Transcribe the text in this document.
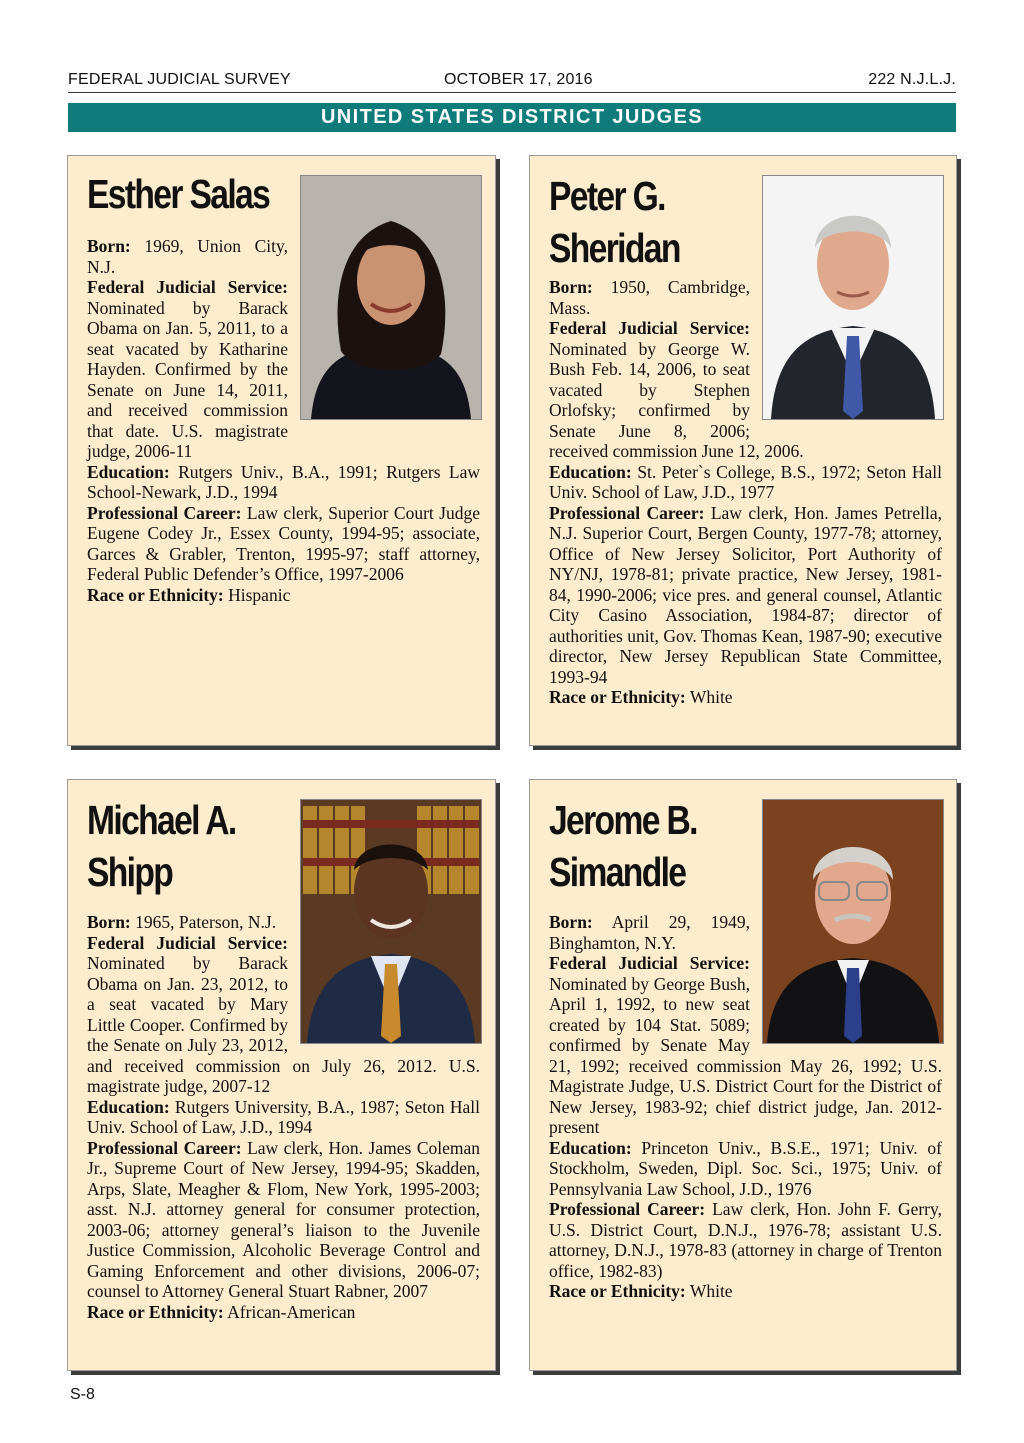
FEDERAL JUDICIAL SURVEY	OCTOBER 17, 2016	222 N.J.L.J.
UNITED STATES DISTRICT JUDGES
Esther Salas
Born: 1969, Union City, N.J.
Federal Judicial Service: Nominated by Barack Obama on Jan. 5, 2011, to a seat vacated by Katharine Hayden. Confirmed by the Senate on June 14, 2011, and received commission that date. U.S. magistrate judge, 2006-11
Education: Rutgers Univ., B.A., 1991; Rutgers Law School-Newark, J.D., 1994
Professional Career: Law clerk, Superior Court Judge Eugene Codey Jr., Essex County, 1994-95; associate, Garces & Grabler, Trenton, 1995-97; staff attorney, Federal Public Defender’s Office, 1997-2006
Race or Ethnicity: Hispanic
Peter G.
Sheridan
Born: 1950, Cambridge, Mass.
Federal Judicial Service: Nominated by George W. Bush Feb. 14, 2006, to seat vacated by Stephen Orlofsky; confirmed by Senate June 8, 2006; received commission June 12, 2006.
Education: St. Peter`s College, B.S., 1972; Seton Hall Univ. School of Law, J.D., 1977
Professional Career: Law clerk, Hon. James Petrella, N.J. Superior Court, Bergen County, 1977-78; attorney, Office of New Jersey Solicitor, Port Authority of NY/NJ, 1978-81; private practice, New Jersey, 1981-84, 1990-2006; vice pres. and general counsel, Atlantic City Casino Association, 1984-87; director of authorities unit, Gov. Thomas Kean, 1987-90; executive director, New Jersey Republican State Committee, 1993-94
Race or Ethnicity: White
Michael A.
Shipp
Born: 1965, Paterson, N.J.
Federal Judicial Service: Nominated by Barack Obama on Jan. 23, 2012, to a seat vacated by Mary Little Cooper. Confirmed by the Senate on July 23, 2012, and received commission on July 26, 2012. U.S. magistrate judge, 2007-12
Education: Rutgers University, B.A., 1987; Seton Hall Univ. School of Law, J.D., 1994
Professional Career: Law clerk, Hon. James Coleman Jr., Supreme Court of New Jersey, 1994-95; Skadden, Arps, Slate, Meagher & Flom, New York, 1995-2003; asst. N.J. attorney general for consumer protection, 2003-06; attorney general’s liaison to the Juvenile Justice Commission, Alcoholic Beverage Control and Gaming Enforcement and other divisions, 2006-07; counsel to Attorney General Stuart Rabner, 2007
Race or Ethnicity: African-American
Jerome B.
Simandle
Born: April 29, 1949, Binghamton, N.Y.
Federal Judicial Service: Nominated by George Bush, April 1, 1992, to new seat created by 104 Stat. 5089; confirmed by Senate May 21, 1992; received commission May 26, 1992; U.S. Magistrate Judge, U.S. District Court for the District of New Jersey, 1983-92; chief district judge, Jan. 2012-present
Education: Princeton Univ., B.S.E., 1971; Univ. of Stockholm, Sweden, Dipl. Soc. Sci., 1975; Univ. of Pennsylvania Law School, J.D., 1976
Professional Career: Law clerk, Hon. John F. Gerry, U.S. District Court, D.N.J., 1976-78; assistant U.S. attorney, D.N.J., 1978-83 (attorney in charge of Trenton office, 1982-83)
Race or Ethnicity: White
S-8
